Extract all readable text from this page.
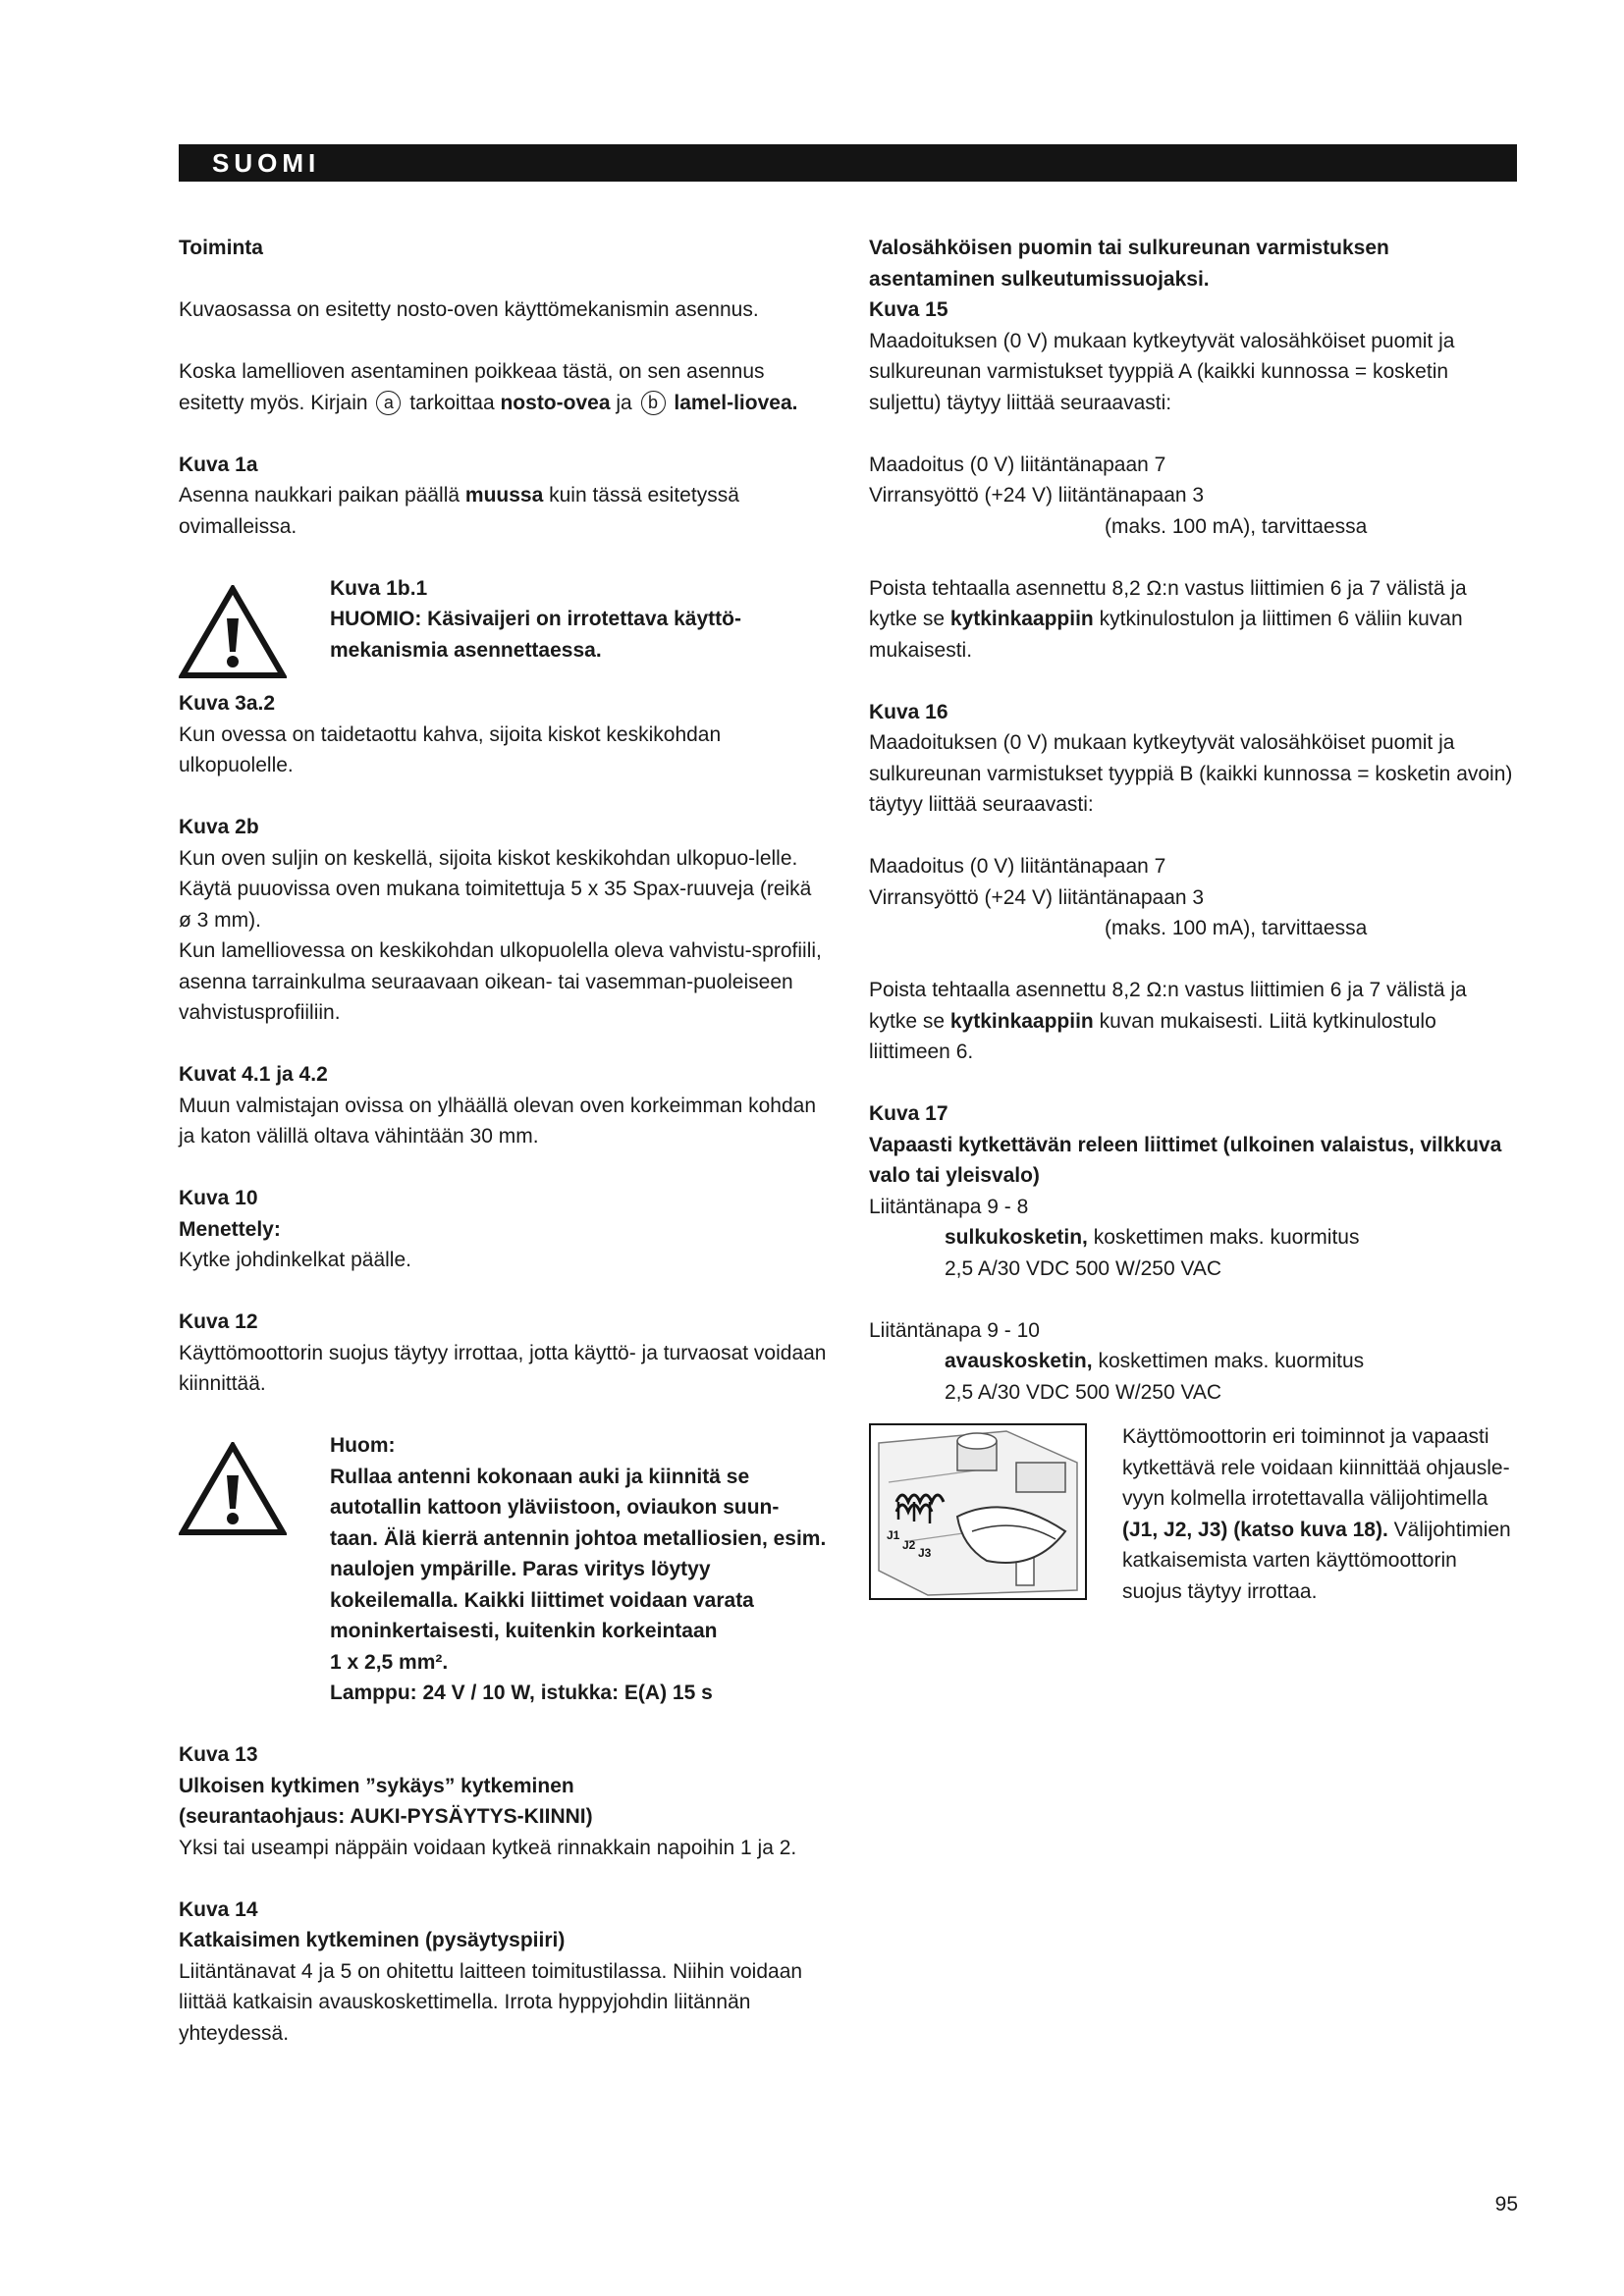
SUOMI

Toiminta

Kuvaosassa on esitetty nosto-oven käyttömekanismin asennus.

Koska lamellioven asentaminen poikkeaa tästä, on sen asennus esitetty myös. Kirjain a tarkoittaa nosto-ovea ja b lamel-liovea.

Kuva 1a

Asenna naukkari paikan päällä muussa kuin tässä esitetyssä ovimalleissa.

Kuva 1b.1

HUOMIO: Käsivaijeri on irrotettava käyttö-mekanismia asennettaessa.

Kuva 3a.2

Kun ovessa on taidetaottu kahva, sijoita kiskot keskikohdan ulkopuolelle.

Kuva 2b

Kun oven suljin on keskellä, sijoita kiskot keskikohdan ulkopuo-lelle. Käytä puuovissa oven mukana toimitettuja 5 x 35 Spax-ruuveja (reikä ø 3 mm).

Kun lamelliovessa on keskikohdan ulkopuolella oleva vahvistu-sprofiili, asenna tarrainkulma seuraavaan oikean- tai vasemman-puoleiseen vahvistusprofiiliin.

Kuvat 4.1 ja 4.2

Muun valmistajan ovissa on ylhäällä olevan oven korkeimman kohdan ja katon välillä oltava vähintään 30 mm.

Kuva 10

Menettely:

Kytke johdinkelkat päälle.

Kuva 12

Käyttömoottorin suojus täytyy irrottaa, jotta käyttö- ja turvaosat voidaan kiinnittää.

Huom:

Rullaa antenni kokonaan auki ja kiinnitä se autotallin kattoon yläviistoon, oviaukon suun-taan. Älä kierrä antennin johtoa metalliosien, esim. naulojen ympärille. Paras viritys löytyy kokeilemalla. Kaikki liittimet voidaan varata moninkertaisesti, kuitenkin korkeintaan

1 x 2,5 mm².

Lamppu: 24 V / 10 W, istukka: E(A) 15 s

Kuva 13

Ulkoisen kytkimen ”sykäys” kytkeminen

(seurantaohjaus: AUKI-PYSÄYTYS-KIINNI)

Yksi tai useampi näppäin voidaan kytkeä rinnakkain napoihin 1 ja 2.

Kuva 14

Katkaisimen kytkeminen (pysäytyspiiri)

Liitäntänavat 4 ja 5 on ohitettu laitteen toimitustilassa. Niihin voidaan liittää katkaisin avauskoskettimella. Irrota hyppyjohdin liitännän yhteydessä.

Valosähköisen puomin tai sulkureunan varmistuksen asentaminen sulkeutumissuojaksi.

Kuva 15

Maadoituksen (0 V) mukaan kytkeytyvät valosähköiset puomit ja sulkureunan varmistukset tyyppiä A (kaikki kunnossa = kosketin suljettu) täytyy liittää seuraavasti:

Maadoitus (0 V) liitäntänapaan 7

Virransyöttö (+24 V) liitäntänapaan 3

(maks. 100 mA), tarvittaessa

Poista tehtaalla asennettu 8,2 Ω:n vastus liittimien 6 ja 7 välistä ja kytke se kytkinkaappiin kytkinulostulon ja liittimen 6 väliin kuvan mukaisesti.

Kuva 16

Maadoituksen (0 V) mukaan kytkeytyvät valosähköiset puomit ja sulkureunan varmistukset tyyppiä B (kaikki kunnossa = kosketin avoin) täytyy liittää seuraavasti:

Maadoitus (0 V) liitäntänapaan 7

Virransyöttö (+24 V) liitäntänapaan 3

(maks. 100 mA), tarvittaessa

Poista tehtaalla asennettu 8,2 Ω:n vastus liittimien 6 ja 7 välistä ja kytke se kytkinkaappiin kuvan mukaisesti. Liitä kytkinulostulo liittimeen 6.

Kuva 17

Vapaasti kytkettävän releen liittimet (ulkoinen valaistus, vilkkuva valo tai yleisvalo)

Liitäntänapa 9 - 8

sulkukosketin, koskettimen maks. kuormitus

2,5 A/30 VDC 500 W/250 VAC

Liitäntänapa 9 - 10

avauskosketin, koskettimen maks. kuormitus

2,5 A/30 VDC 500 W/250 VAC

J1
J2
J3

Käyttömoottorin eri toiminnot ja vapaasti kytkettävä rele voidaan kiinnittää ohjausle-vyyn kolmella irrotettavalla välijohtimella (J1, J2, J3) (katso kuva 18). Välijohtimien katkaisemista varten käyttömoottorin suojus täytyy irrottaa.

95
